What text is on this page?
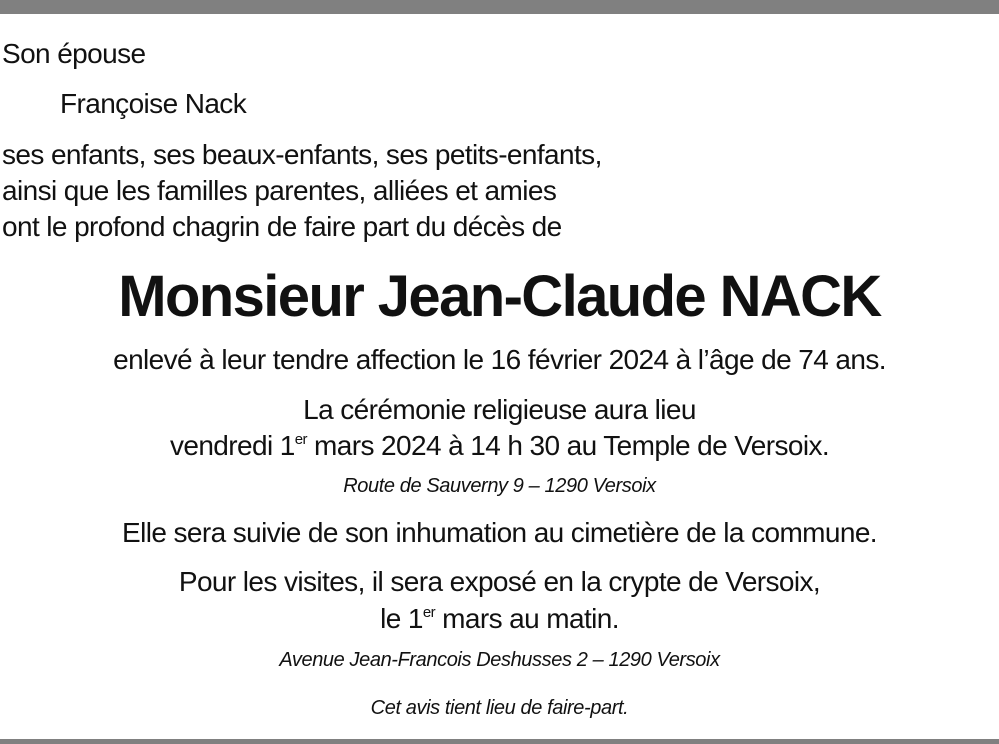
Son épouse
Françoise Nack
ses enfants, ses beaux-enfants, ses petits-enfants,
ainsi que les familles parentes, alliées et amies
ont le profond chagrin de faire part du décès de
Monsieur Jean-Claude NACK
enlevé à leur tendre affection le 16 février 2024 à l’âge de 74 ans.
La cérémonie religieuse aura lieu
vendredi 1er mars 2024 à 14 h 30 au Temple de Versoix.
Route de Sauverny 9 – 1290 Versoix
Elle sera suivie de son inhumation au cimetière de la commune.
Pour les visites, il sera exposé en la crypte de Versoix,
le 1er mars au matin.
Avenue Jean-Francois Deshusses 2 – 1290 Versoix
Cet avis tient lieu de faire-part.
